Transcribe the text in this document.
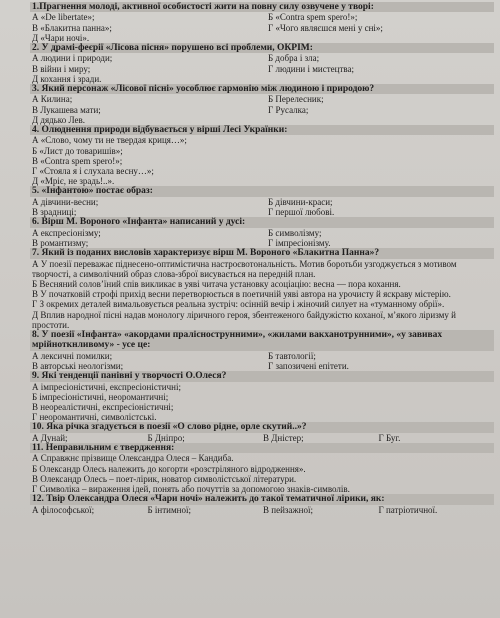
1.Прагнення молоді, активної особистості жити на повну силу озвучене у творі:
А «De libertate»;	Б «Contra spem spero!»;
В «Блакитна панна»;	Г «Чого являєшся мені у сні»;
Д «Чари ночі».
2. У драмі-феєрії «Лісова пісня» порушено всі проблеми, ОКРІМ:
А людини і природи;	Б добра і зла;
В війни і миру;	Г людини і мистецтва;
Д кохання і зради.
3. Який персонаж «Лісової пісні» уособлює гармонію між людиною і природою?
А Килина;	Б Перелесник;
В Лукашева мати;	Г Русалка;
Д дядько Лев.
4. Олюднення природи відбувається у вірші Лесі Українки:
А «Слово, чому ти не твердая криця…»;
Б «Лист до товаришів»;
В «Contra spem spero!»;
Г «Стояла я і слухала весну…»;
Д «Мріє, не зрадь!..».
5. «Інфантою» постає образ:
А дівчини-весни;	Б дівчини-краси;
В зрадниці;	Г першої любові.
6. Вірш М. Вороного «Інфанта» написаний у дусі:
А експресіонізму;	Б символізму;
В романтизму;	Г імпресіонізму.
7. Який із поданих висловів характеризує вірш М. Вороного «Блакитна Панна»?
А У поезії переважає піднесено-оптимістична настроєвотональність. Мотив боротьби узгоджується з мотивом творчості, а символічний образ слова-зброї висувається на передній план.
Б Весняний солов’їний спів викликає в уяві читача установку асоціацію: весна — пора кохання.
В У початковій строфі прихід весни перетворюється в поетичній уяві автора на урочисту й яскраву містерію.
Г З окремих деталей вимальовується реальна зустріч: осінній вечір і жіночий силует на «туманному обрії».
Д Вплив народної пісні надав монологу ліричного героя, збентеженого байдужістю коханої, м’якого ліризму й простоти.
8. У поезії «Інфанта» «акордами праліснострунними», «жилами вакханотрунними», «у завивах мрійноткнливому» - усе це:
А лексичні помилки;	Б тавтології;
В авторські неологізми;	Г запозичені епітети.
9. Які тенденції панівні у творчості О.Олеся?
А імпресіоністичні, експресіоністичні;
Б імпресіоністичні, неоромантичні;
В неореалістичні, експресіоністичні;
Г неоромантичні, символістські.
10. Яка річка згадується в поезії «О слово рідне, орле скутий..»?
А Дунай;	Б Дніпро;	В Дністер;	Г Буг.
11. Неправильним є твердження:
А Справжнє прізвище Олександра Олеся – Кандиба.
Б Олександр Олесь належить до когорти «розстріляного відродження».
В Олександр Олесь – поет-лірик, новатор символістської літератури.
Г Символіка – вираження ідей, понять або почуттів за допомогою знаків-символів.
12. Твір Олександра Олеся «Чари ночі» належить до такої тематичної лірики, як:
А філософської;	Б інтимної;	В пейзажної;	Г патріотичної.
